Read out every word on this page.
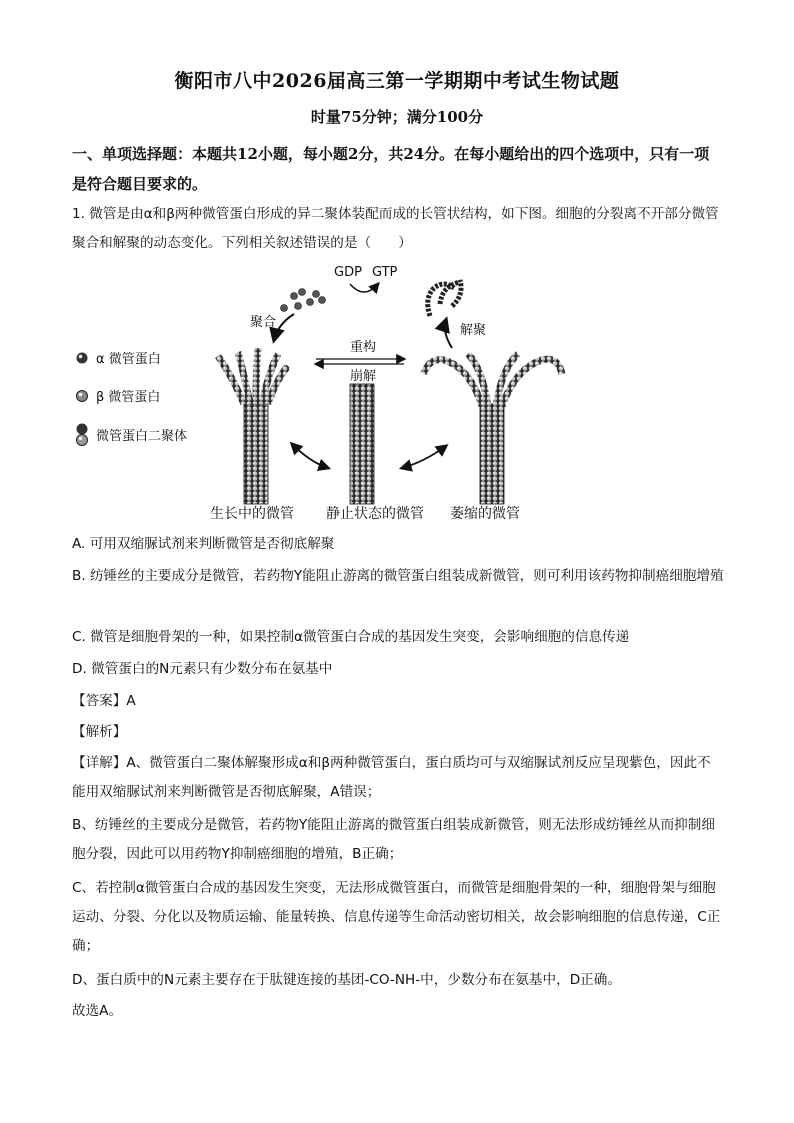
衡阳市八中2026届高三第一学期期中考试生物试题
时量75分钟；满分100分
一、单项选择题：本题共12小题，每小题2分，共24分。在每小题给出的四个选项中，只有一项是符合题目要求的。
1. 微管是由α和β两种微管蛋白形成的异二聚体装配而成的长管状结构，如下图。细胞的分裂离不开部分微管聚合和解聚的动态变化。下列相关叙述错误的是（　　）
α 微管蛋白
β 微管蛋白
微管蛋白二聚体
GDP GTP
聚合
解聚
重构
崩解
生长中的微管 静止状态的微管 萎缩的微管
A. 可用双缩脲试剂来判断微管是否彻底解聚
B. 纺锤丝的主要成分是微管，若药物Y能阻止游离的微管蛋白组装成新微管，则可利用该药物抑制癌细胞增殖
C. 微管是细胞骨架的一种，如果控制α微管蛋白合成的基因发生突变，会影响细胞的信息传递
D. 微管蛋白的N元素只有少数分布在氨基中
【答案】A
【解析】
【详解】A、微管蛋白二聚体解聚形成α和β两种微管蛋白，蛋白质均可与双缩脲试剂反应呈现紫色，因此不能用双缩脲试剂来判断微管是否彻底解聚，A错误；
B、纺锤丝的主要成分是微管，若药物Y能阻止游离的微管蛋白组装成新微管，则无法形成纺锤丝从而抑制细胞分裂，因此可以用药物Y抑制癌细胞的增殖，B正确；
C、若控制α微管蛋白合成的基因发生突变，无法形成微管蛋白，而微管是细胞骨架的一种，细胞骨架与细胞运动、分裂、分化以及物质运输、能量转换、信息传递等生命活动密切相关，故会影响细胞的信息传递，C正确；
D、蛋白质中的N元素主要存在于肽键连接的基团-CO-NH-中，少数分布在氨基中，D正确。
故选A。
